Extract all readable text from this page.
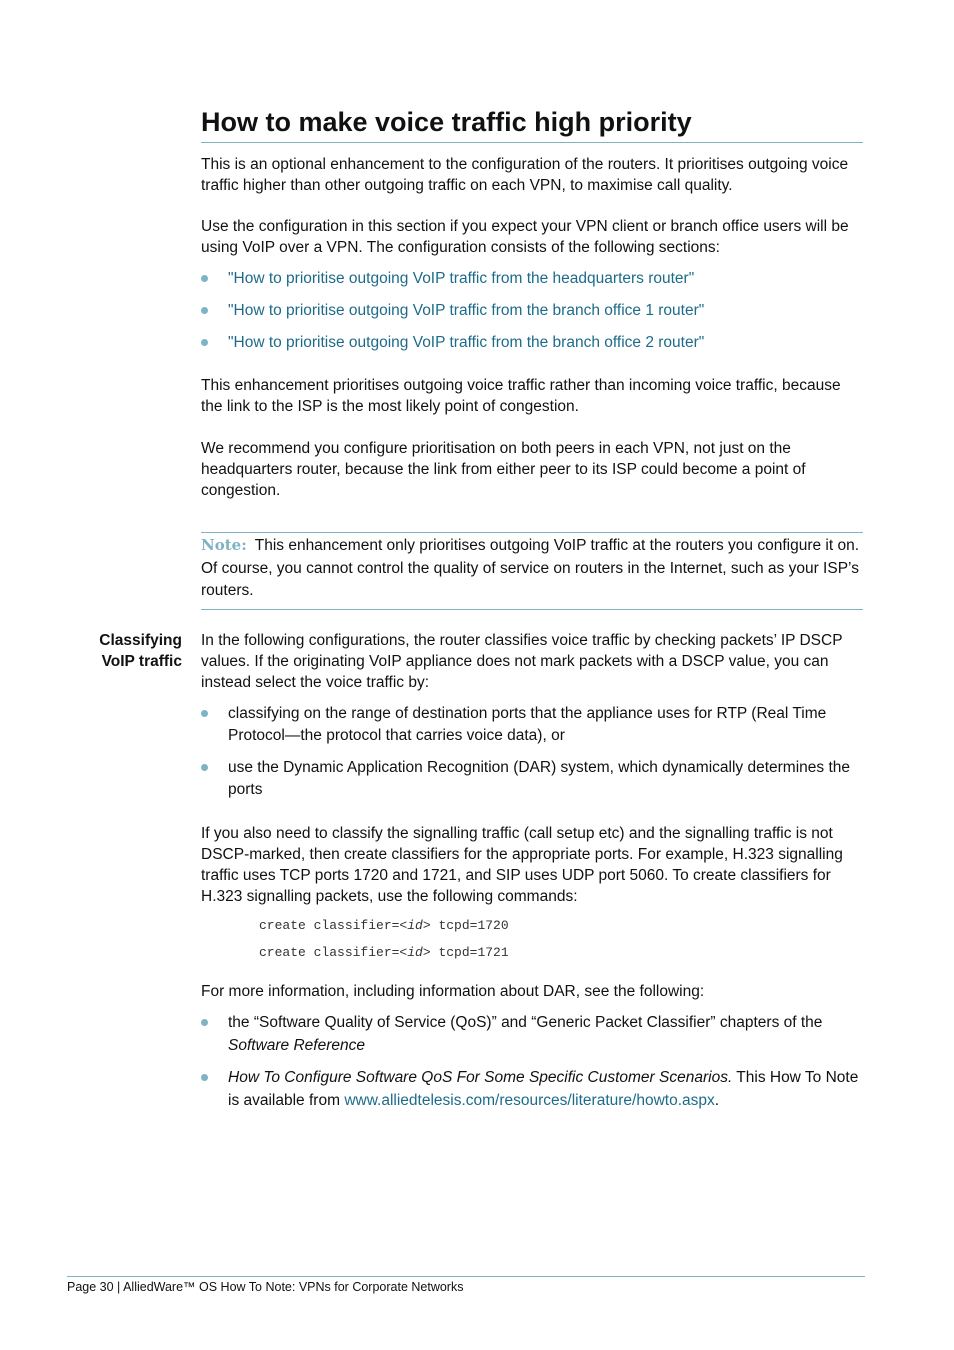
How to make voice traffic high priority

This is an optional enhancement to the configuration of the routers. It prioritises outgoing voice traffic higher than other outgoing traffic on each VPN, to maximise call quality.

Use the configuration in this section if you expect your VPN client or branch office users will be using VoIP over a VPN. The configuration consists of the following sections:

"How to prioritise outgoing VoIP traffic from the headquarters router"
"How to prioritise outgoing VoIP traffic from the branch office 1 router"
"How to prioritise outgoing VoIP traffic from the branch office 2 router"

This enhancement prioritises outgoing voice traffic rather than incoming voice traffic, because the link to the ISP is the most likely point of congestion.

We recommend you configure prioritisation on both peers in each VPN, not just on the headquarters router, because the link from either peer to its ISP could become a point of congestion.

Note: This enhancement only prioritises outgoing VoIP traffic at the routers you configure it on. Of course, you cannot control the quality of service on routers in the Internet, such as your ISP’s routers.
Classifying
VoIP traffic

In the following configurations, the router classifies voice traffic by checking packets’ IP DSCP values. If the originating VoIP appliance does not mark packets with a DSCP value, you can instead select the voice traffic by:

classifying on the range of destination ports that the appliance uses for RTP (Real Time Protocol—the protocol that carries voice data), or
use the Dynamic Application Recognition (DAR) system, which dynamically determines the ports

If you also need to classify the signalling traffic (call setup etc) and the signalling traffic is not DSCP-marked, then create classifiers for the appropriate ports. For example, H.323 signalling traffic uses TCP ports 1720 and 1721, and SIP uses UDP port 5060. To create classifiers for H.323 signalling packets, use the following commands:

create classifier=<id> tcpd=1720
create classifier=<id> tcpd=1721

For more information, including information about DAR, see the following:

the “Software Quality of Service (QoS)” and “Generic Packet Classifier” chapters of the
Software Reference
How To Configure Software QoS For Some Specific Customer Scenarios. This How To Note is available from www.alliedtelesis.com/resources/literature/howto.aspx.
Page 30 | AlliedWare™ OS How To Note: VPNs for Corporate Networks
